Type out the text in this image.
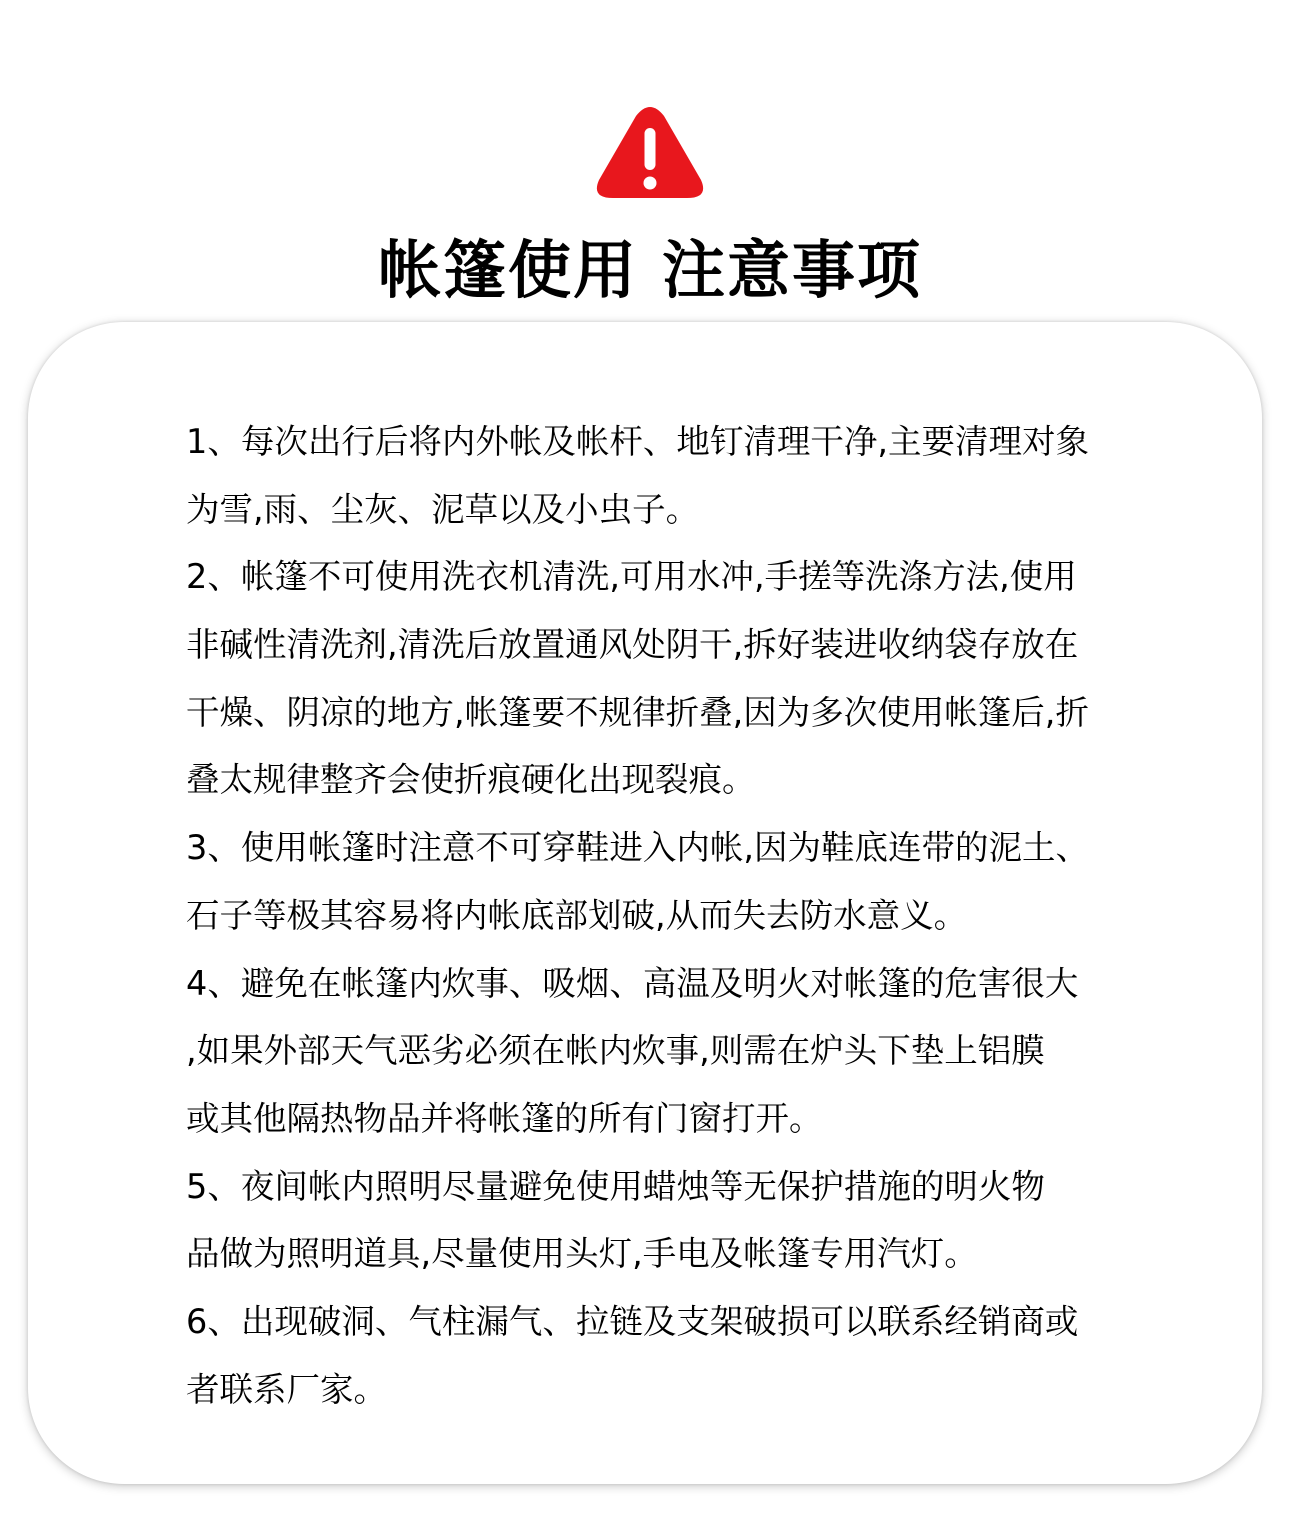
帐篷使用 注意事项
1、每次出行后将内外帐及帐杆、地钉清理干净,主要清理对象
为雪,雨、尘灰、泥草以及小虫子。
2、帐篷不可使用洗衣机清洗,可用水冲,手搓等洗涤方法,使用
非碱性清洗剂,清洗后放置通风处阴干,拆好装进收纳袋存放在
干燥、阴凉的地方,帐篷要不规律折叠,因为多次使用帐篷后,折
叠太规律整齐会使折痕硬化出现裂痕。
3、使用帐篷时注意不可穿鞋进入内帐,因为鞋底连带的泥土、
石子等极其容易将内帐底部划破,从而失去防水意义。
4、避免在帐篷内炊事、吸烟、高温及明火对帐篷的危害很大
,如果外部天气恶劣必须在帐内炊事,则需在炉头下垫上铝膜
或其他隔热物品并将帐篷的所有门窗打开。
5、夜间帐内照明尽量避免使用蜡烛等无保护措施的明火物
品做为照明道具,尽量使用头灯,手电及帐篷专用汽灯。
6、出现破洞、气柱漏气、拉链及支架破损可以联系经销商或
者联系厂家。
